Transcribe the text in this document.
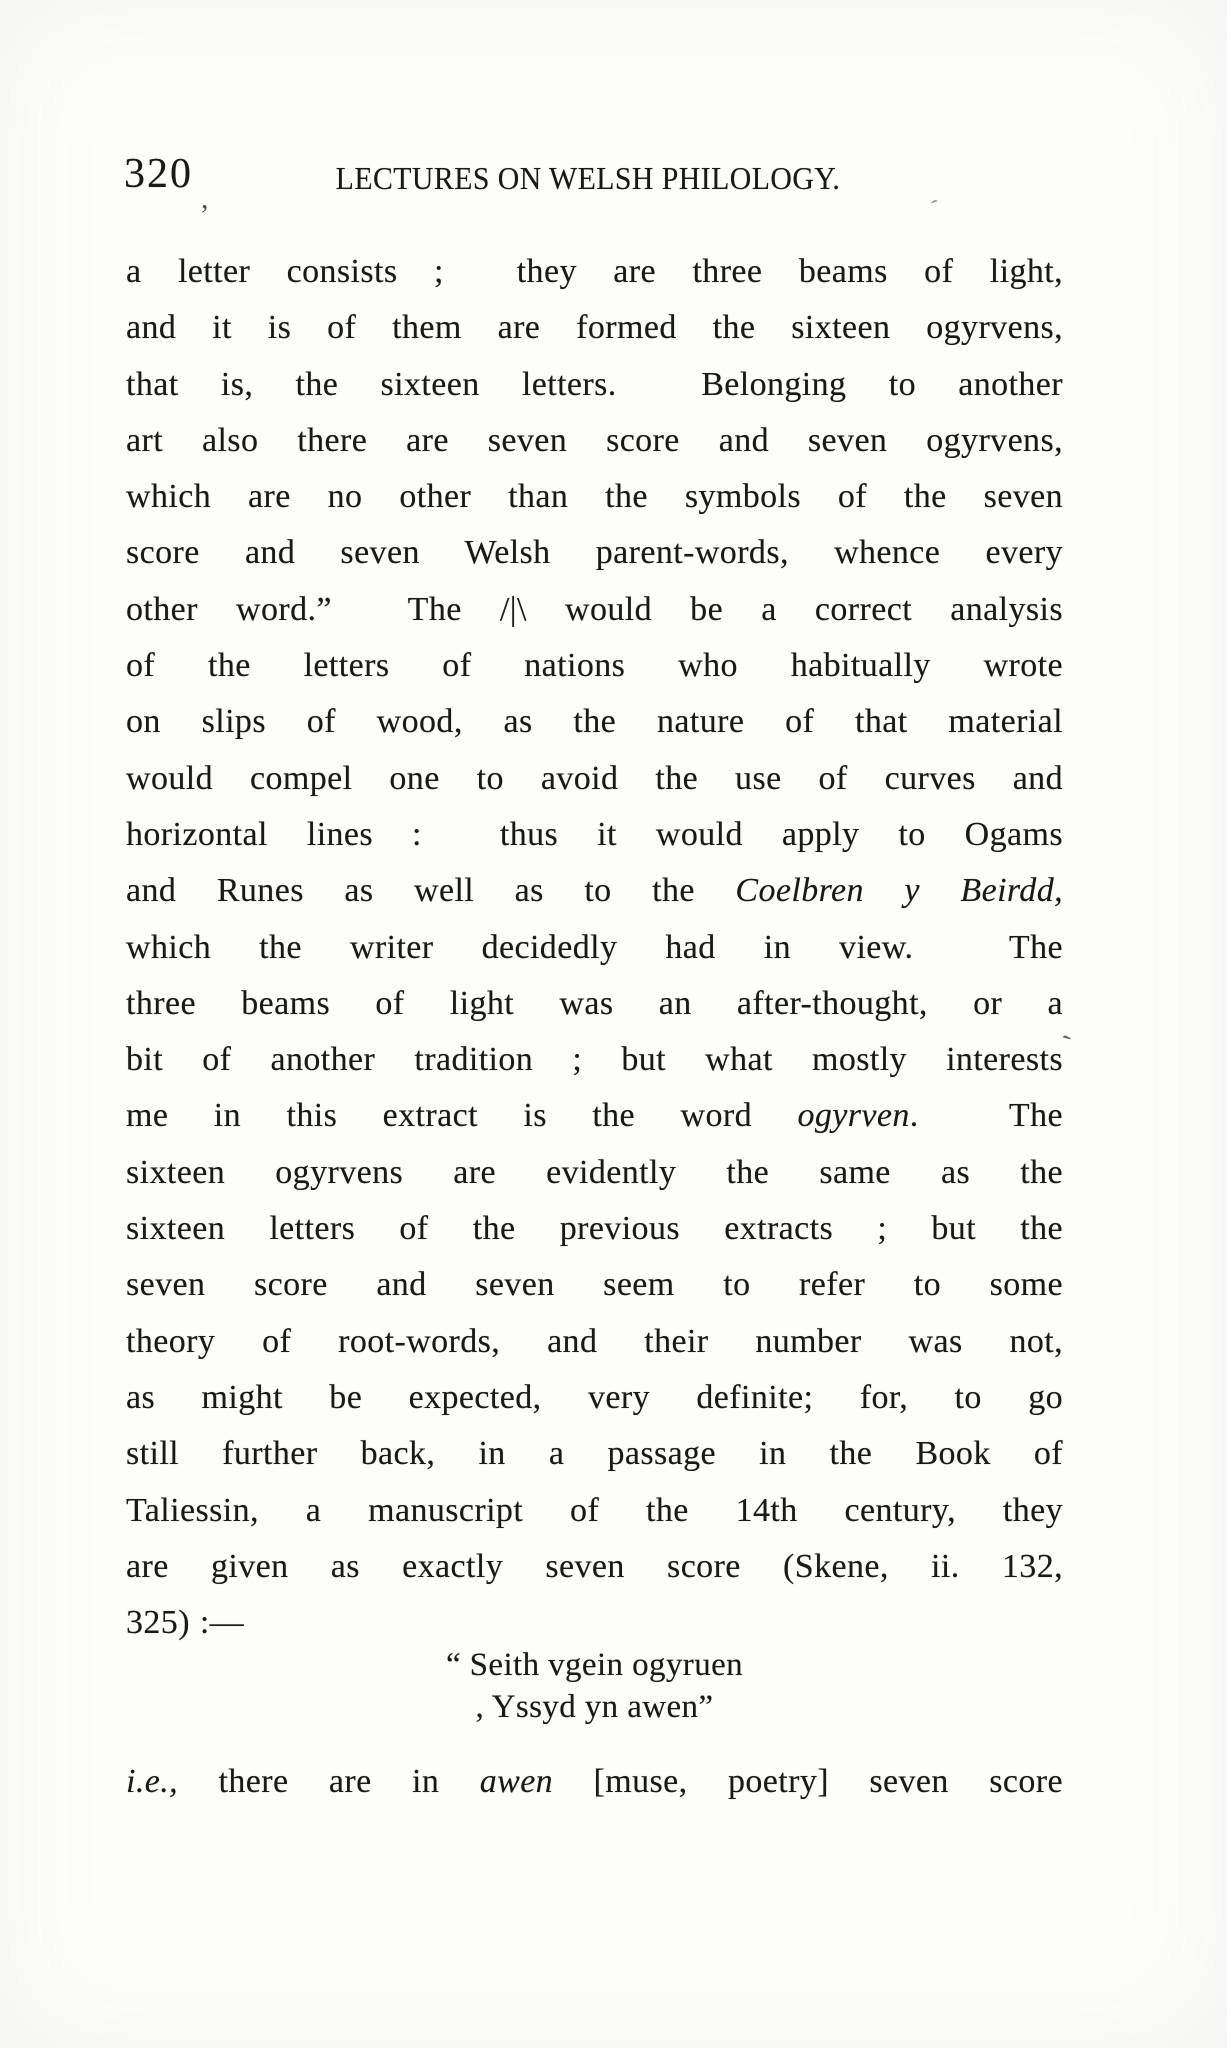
320	LECTURES ON WELSH PHILOLOGY.
a letter consists ;  they are three beams of light,
and it is of them are formed the sixteen ogyrvens,
that is, the sixteen letters.  Belonging to another
art also there are seven score and seven ogyrvens,
which are no other than the symbols of the seven
score and seven Welsh parent-words, whence every
other word.”  The /|\ would be a correct analysis
of the letters of nations who habitually wrote
on slips of wood, as the nature of that material
would compel one to avoid the use of curves and
horizontal lines :  thus it would apply to Ogams
and Runes as well as to the Coelbren y Beirdd,
which the writer decidedly had in view.  The
three beams of light was an after-thought, or a
bit of another tradition ; but what mostly interests
me in this extract is the word ogyrven.  The
sixteen ogyrvens are evidently the same as the
sixteen letters of the previous extracts ; but the
seven score and seven seem to refer to some
theory of root-words, and their number was not,
as might be expected, very definite; for, to go
still further back, in a passage in the Book of
Taliessin, a manuscript of the 14th century, they
are given as exactly seven score (Skene, ii. 132,
325) :—
“ Seith vgein ogyruen
, Yssyd yn awen”
i.e., there are in awen [muse, poetry] seven score
,	´
‵
